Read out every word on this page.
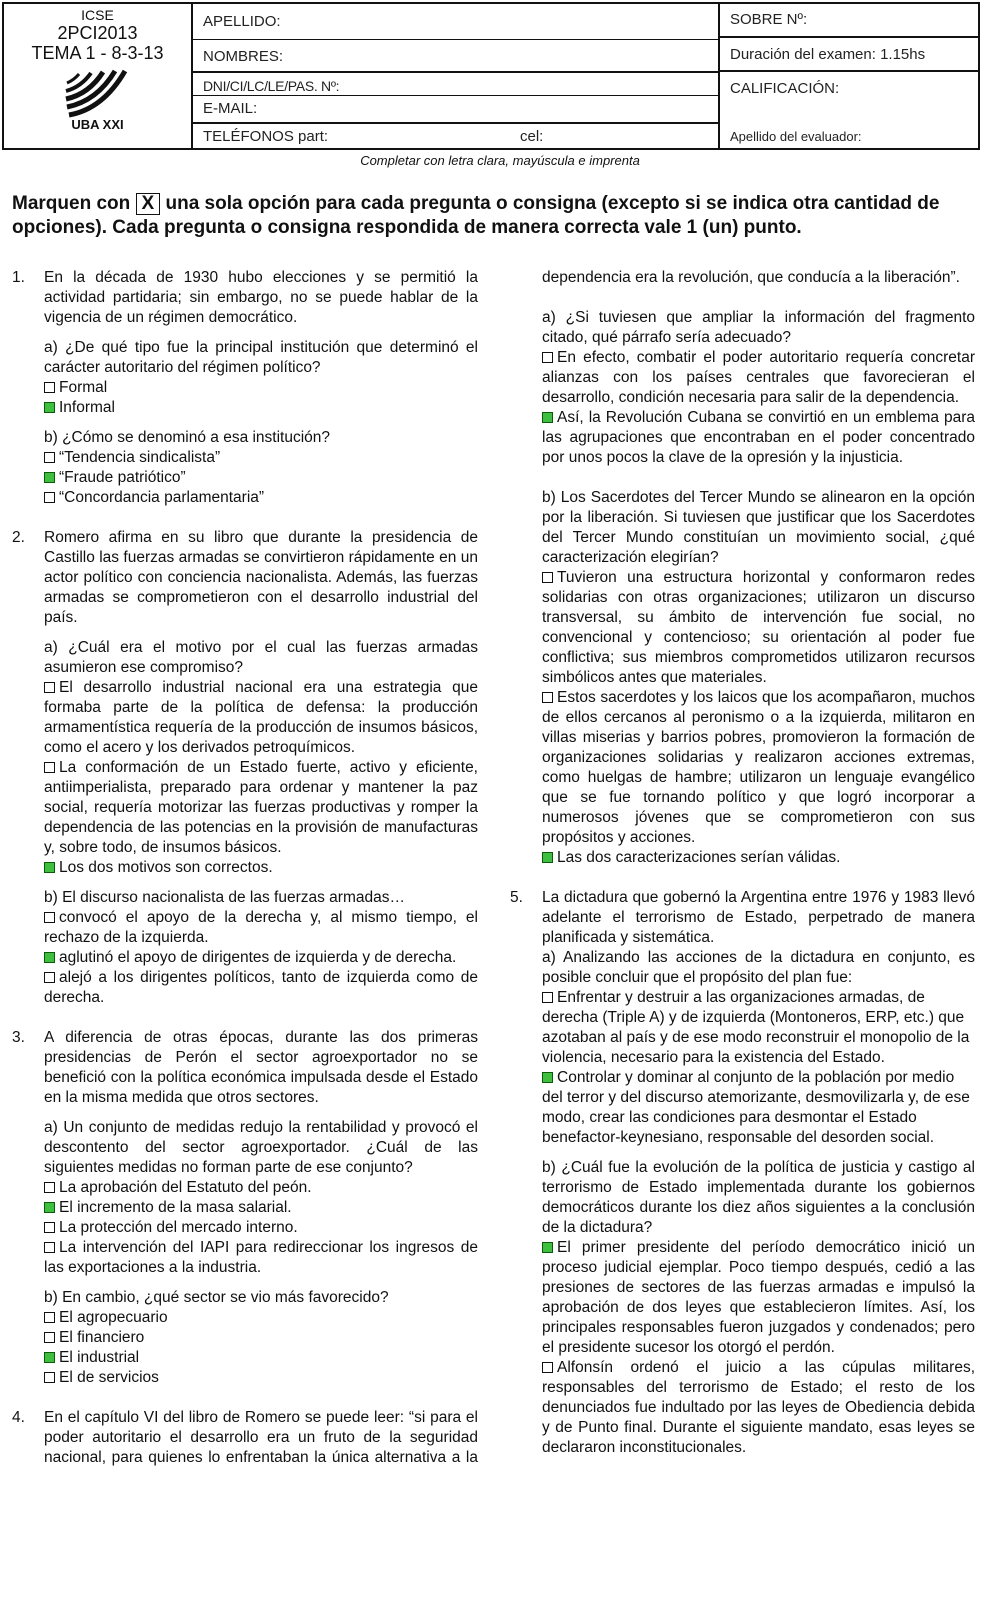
ICSE
2PCI2013
TEMA 1 - 8-3-13
UBA XXI
APELLIDO:
NOMBRES:
DNI/CI/LC/LE/PAS. Nº:
E-MAIL:
TELÉFONOS part:	cel:
SOBRE Nº:
Duración del examen: 1.15hs
CALIFICACIÓN:
Apellido del evaluador:
Completar con letra clara, mayúscula e imprenta
Marquen con X una sola opción para cada pregunta o consigna (excepto si se indica otra cantidad de opciones). Cada pregunta o consigna respondida de manera correcta vale 1 (un) punto.
1. En la década de 1930 hubo elecciones y se permitió la actividad partidaria; sin embargo, no se puede hablar de la vigencia de un régimen democrático.

a) ¿De qué tipo fue la principal institución que determinó el carácter autoritario del régimen político?

Formal

Informal

b) ¿Cómo se denominó a esa institución?

“Tendencia sindicalista”

“Fraude patriótico”

“Concordancia parlamentaria”

2. Romero afirma en su libro que durante la presidencia de Castillo las fuerzas armadas se convirtieron rápidamente en un actor político con conciencia nacionalista. Además, las fuerzas armadas se comprometieron con el desarrollo industrial del país.

a) ¿Cuál era el motivo por el cual las fuerzas armadas asumieron ese compromiso?

El desarrollo industrial nacional era una estrategia que formaba parte de la política de defensa: la producción armamentística requería de la producción de insumos básicos, como el acero y los derivados petroquímicos.

La conformación de un Estado fuerte, activo y eficiente, antiimperialista, preparado para ordenar y mantener la paz social, requería motorizar las fuerzas productivas y romper la dependencia de las potencias en la provisión de manufacturas y, sobre todo, de insumos básicos.

Los dos motivos son correctos.

b) El discurso nacionalista de las fuerzas armadas…

convocó el apoyo de la derecha y, al mismo tiempo, el rechazo de la izquierda.

aglutinó el apoyo de dirigentes de izquierda y de derecha.

alejó a los dirigentes políticos, tanto de izquierda como de derecha.

3. A diferencia de otras épocas, durante las dos primeras presidencias de Perón el sector agroexportador no se benefició con la política económica impulsada desde el Estado en la misma medida que otros sectores.

a) Un conjunto de medidas redujo la rentabilidad y provocó el descontento del sector agroexportador. ¿Cuál de las siguientes medidas no forman parte de ese conjunto?

La aprobación del Estatuto del peón.

El incremento de la masa salarial.

La protección del mercado interno.

La intervención del IAPI para redireccionar los ingresos de las exportaciones a la industria.

b) En cambio, ¿qué sector se vio más favorecido?

El agropecuario

El financiero

El industrial

El de servicios

4. En el capítulo VI del libro de Romero se puede leer: “si para el poder autoritario el desarrollo era un fruto de la seguridad nacional, para quienes lo enfrentaban la única alternativa a la

dependencia era la revolución, que conducía a la liberación”.

a) ¿Si tuviesen que ampliar la información del fragmento citado, qué párrafo sería adecuado?

En efecto, combatir el poder autoritario requería concretar alianzas con los países centrales que favorecieran el desarrollo, condición necesaria para salir de la dependencia.

Así, la Revolución Cubana se convirtió en un emblema para las agrupaciones que encontraban en el poder concentrado por unos pocos la clave de la opresión y la injusticia.

b) Los Sacerdotes del Tercer Mundo se alinearon en la opción por la liberación. Si tuviesen que justificar que los Sacerdotes del Tercer Mundo constituían un movimiento social, ¿qué caracterización elegirían?

Tuvieron una estructura horizontal y conformaron redes solidarias con otras organizaciones; utilizaron un discurso transversal, su ámbito de intervención fue social, no convencional y contencioso; su orientación al poder fue conflictiva; sus miembros comprometidos utilizaron recursos simbólicos antes que materiales.

Estos sacerdotes y los laicos que los acompañaron, muchos de ellos cercanos al peronismo o a la izquierda, militaron en villas miserias y barrios pobres, promovieron la formación de organizaciones solidarias y realizaron acciones extremas, como huelgas de hambre; utilizaron un lenguaje evangélico que se fue tornando político y que logró incorporar a numerosos jóvenes que se comprometieron con sus propósitos y acciones.

Las dos caracterizaciones serían válidas.

5. La dictadura que gobernó la Argentina entre 1976 y 1983 llevó adelante el terrorismo de Estado, perpetrado de manera planificada y sistemática.

a) Analizando las acciones de la dictadura en conjunto, es posible concluir que el propósito del plan fue:

Enfrentar y destruir a las organizaciones armadas, de derecha (Triple A) y de izquierda (Montoneros, ERP, etc.) que azotaban al país y de ese modo reconstruir el monopolio de la violencia, necesario para la existencia del Estado.

Controlar y dominar al conjunto de la población por medio del terror y del discurso atemorizante, desmovilizarla y, de ese modo, crear las condiciones para desmontar el Estado benefactor-keynesiano, responsable del desorden social.

b) ¿Cuál fue la evolución de la política de justicia y castigo al terrorismo de Estado implementada durante los gobiernos democráticos durante los diez años siguientes a la conclusión de la dictadura?

El primer presidente del período democrático inició un proceso judicial ejemplar. Poco tiempo después, cedió a las presiones de sectores de las fuerzas armadas e impulsó la aprobación de dos leyes que establecieron límites. Así, los principales responsables fueron juzgados y condenados; pero el presidente sucesor los otorgó el perdón.

Alfonsín ordenó el juicio a las cúpulas militares, responsables del terrorismo de Estado; el resto de los denunciados fue indultado por las leyes de Obediencia debida y de Punto final. Durante el siguiente mandato, esas leyes se declararon inconstitucionales.
